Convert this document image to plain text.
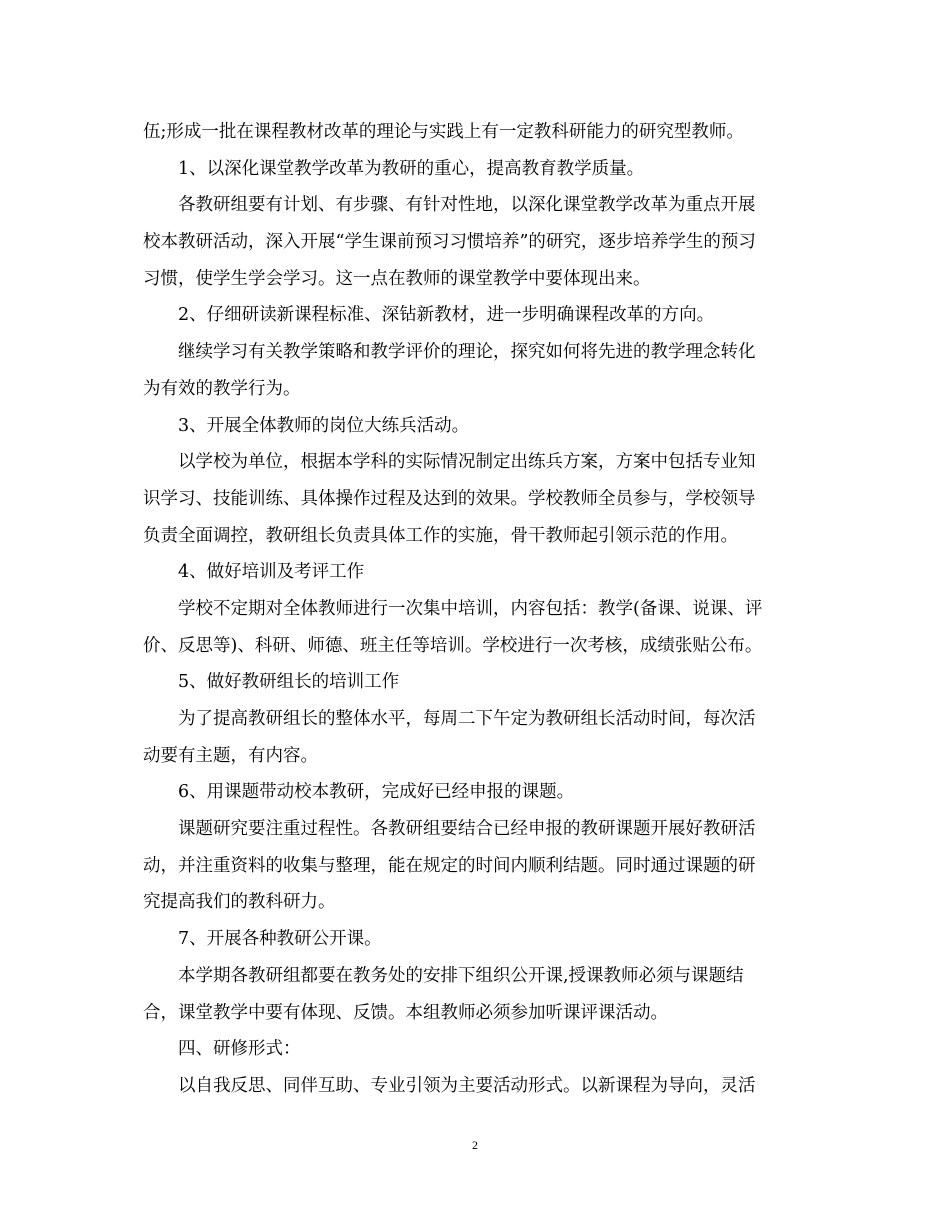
伍;形成一批在课程教材改革的理论与实践上有一定教科研能力的研究型教师。
1、以深化课堂教学改革为教研的重心，提高教育教学质量。
各教研组要有计划、有步骤、有针对性地，以深化课堂教学改革为重点开展
校本教研活动，深入开展“学生课前预习习惯培养”的研究，逐步培养学生的预习
习惯，使学生学会学习。这一点在教师的课堂教学中要体现出来。
2、仔细研读新课程标准、深钻新教材，进一步明确课程改革的方向。
继续学习有关教学策略和教学评价的理论，探究如何将先进的教学理念转化
为有效的教学行为。
3、开展全体教师的岗位大练兵活动。
以学校为单位，根据本学科的实际情况制定出练兵方案，方案中包括专业知
识学习、技能训练、具体操作过程及达到的效果。学校教师全员参与，学校领导
负责全面调控，教研组长负责具体工作的实施，骨干教师起引领示范的作用。
4、做好培训及考评工作
学校不定期对全体教师进行一次集中培训，内容包括：教学(备课、说课、评
价、反思等)、科研、师德、班主任等培训。学校进行一次考核，成绩张贴公布。
5、做好教研组长的培训工作
为了提高教研组长的整体水平，每周二下午定为教研组长活动时间，每次活
动要有主题，有内容。
6、用课题带动校本教研，完成好已经申报的课题。
课题研究要注重过程性。各教研组要结合已经申报的教研课题开展好教研活
动，并注重资料的收集与整理，能在规定的时间内顺利结题。同时通过课题的研
究提高我们的教科研力。
7、开展各种教研公开课。
本学期各教研组都要在教务处的安排下组织公开课,授课教师必须与课题结
合，课堂教学中要有体现、反馈。本组教师必须参加听课评课活动。
四、研修形式：
以自我反思、同伴互助、专业引领为主要活动形式。以新课程为导向，灵活
2
